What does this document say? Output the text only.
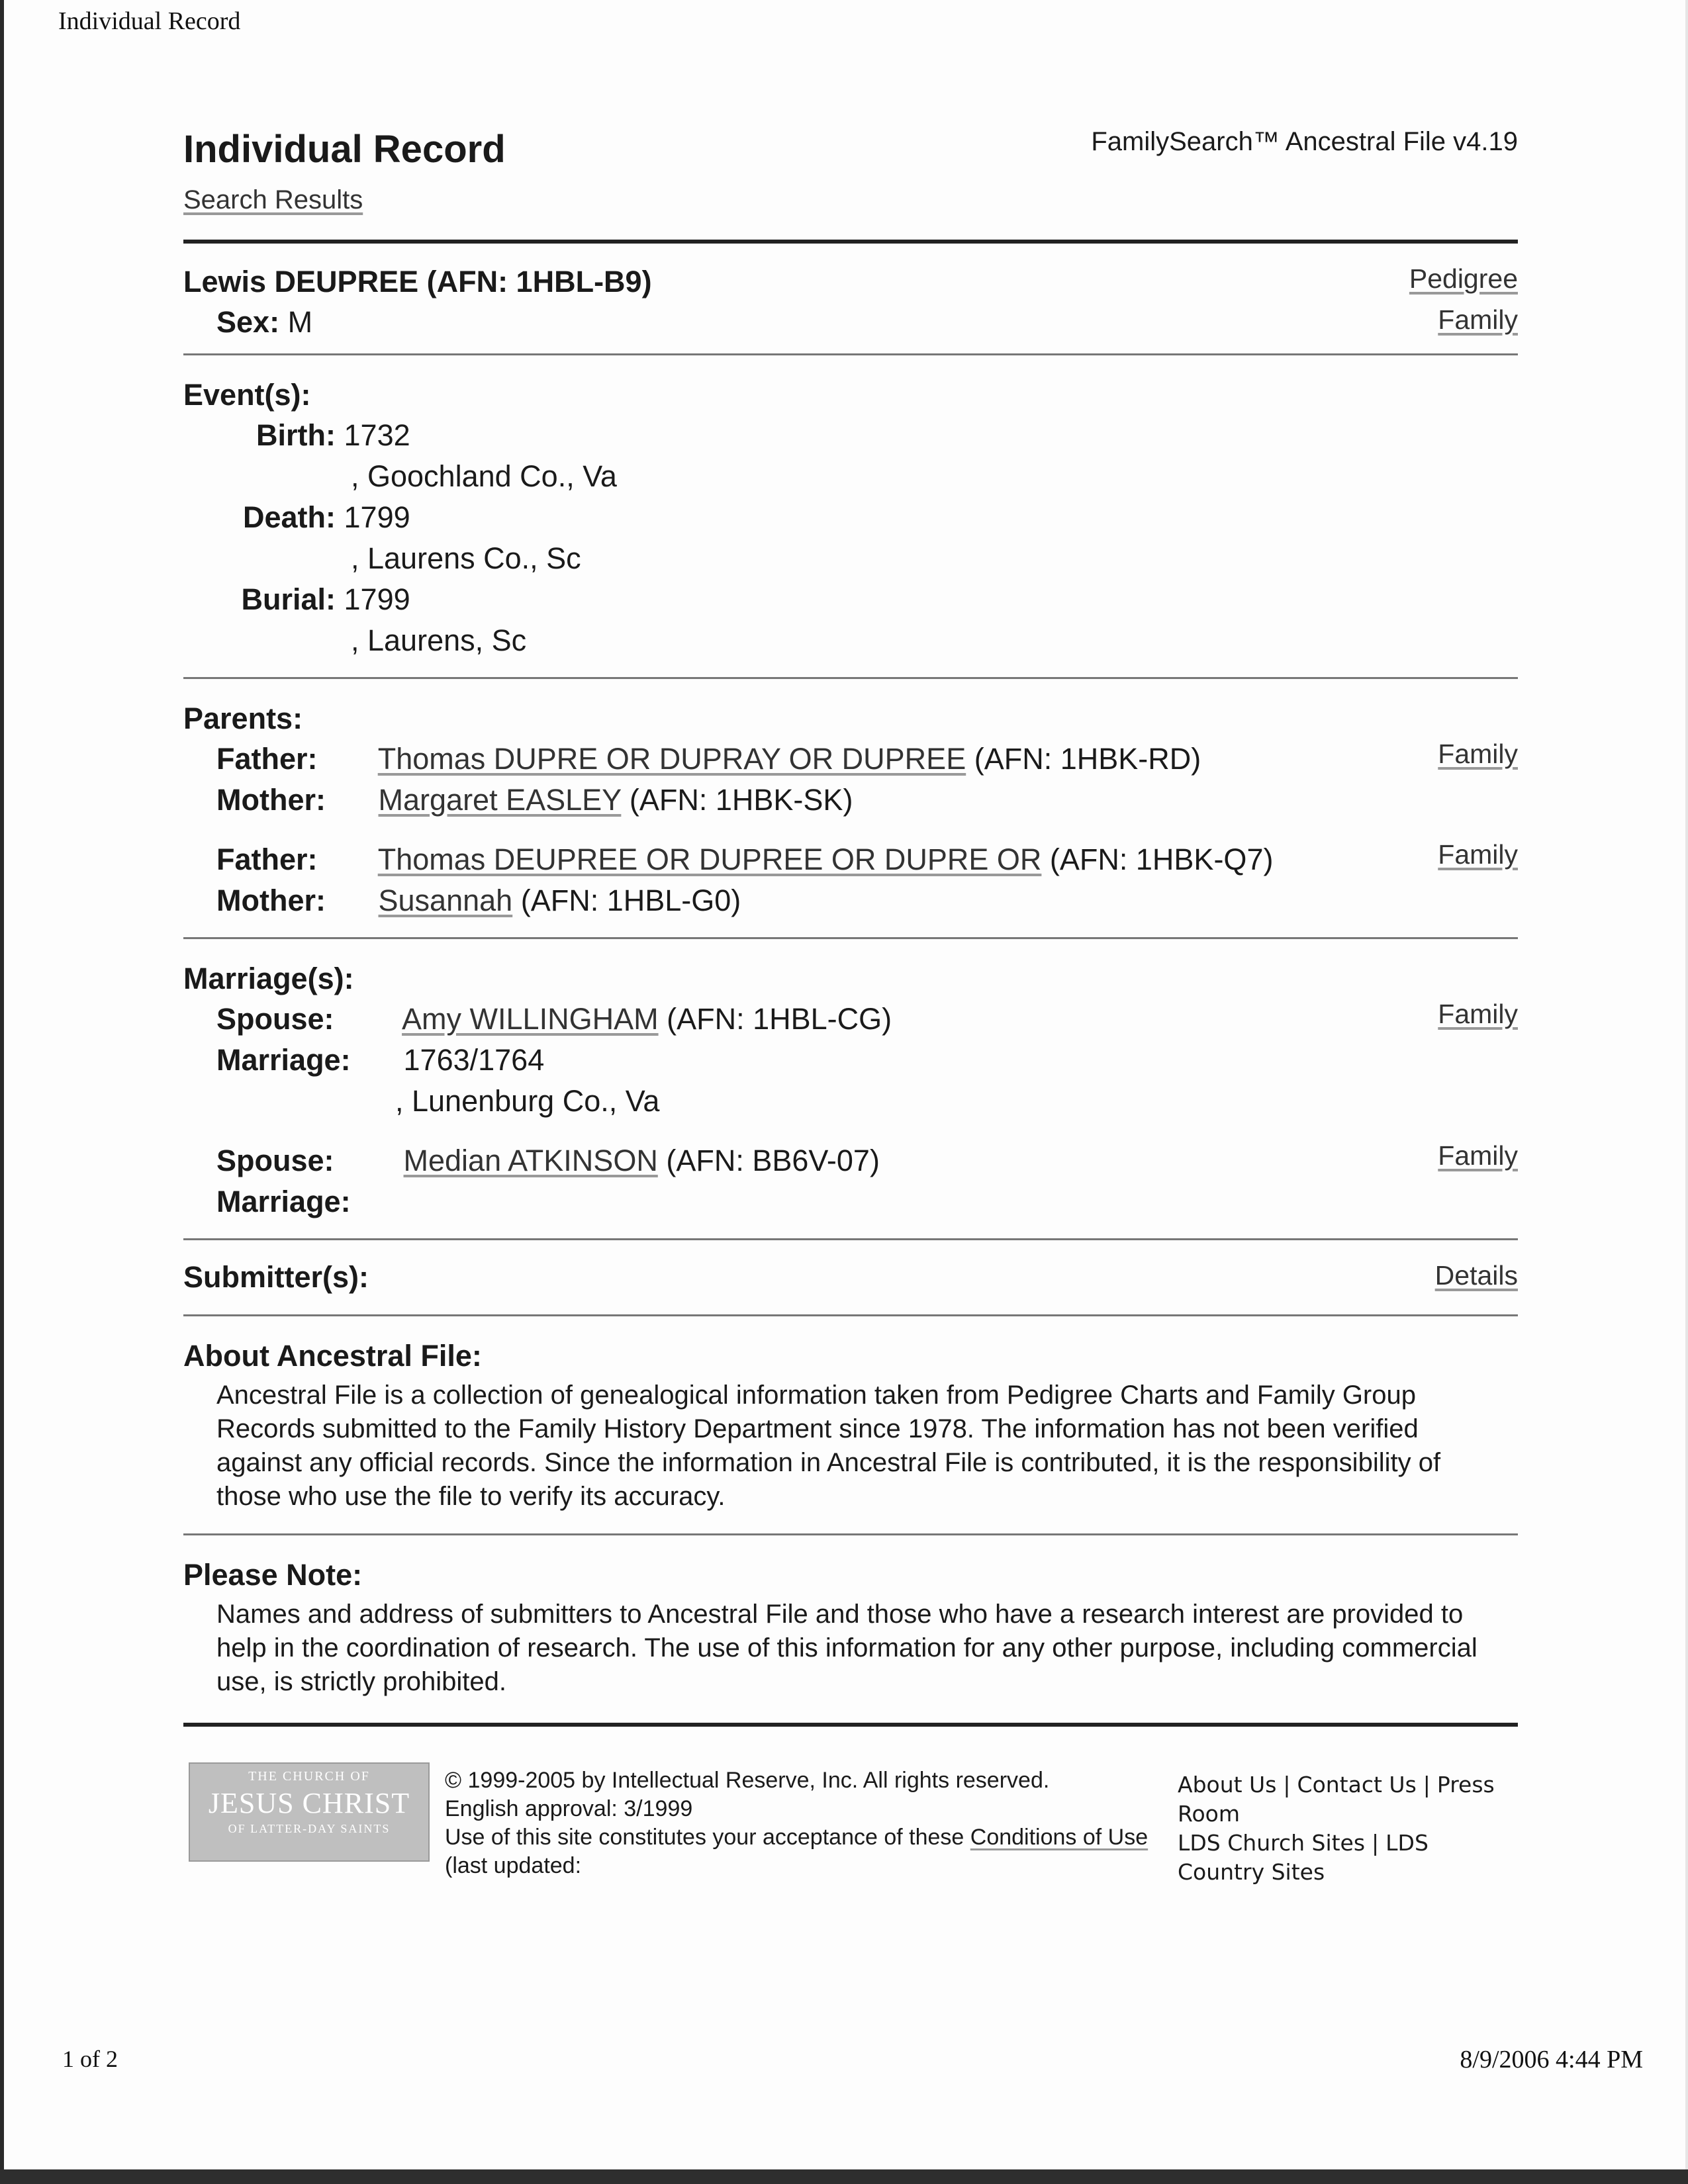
Individual Record
Individual Record	FamilySearch™ Ancestral File v4.19
Search Results
Lewis DEUPREE (AFN: 1HBL-B9)	Pedigree
Family
Sex: M
Event(s):
Birth: 1732
, Goochland Co., Va
Death: 1799
, Laurens Co., Sc
Burial: 1799
, Laurens, Sc
Parents:
Family
Father: Thomas DUPRE OR DUPRAY OR DUPREE (AFN: 1HBK-RD)
Mother: Margaret EASLEY (AFN: 1HBK-SK)
Family
Father: Thomas DEUPREE OR DUPREE OR DUPRE OR (AFN: 1HBK-Q7)
Mother: Susannah (AFN: 1HBL-G0)
Marriage(s):
Family
Spouse: Amy WILLINGHAM (AFN: 1HBL-CG)
Marriage: 1763/1764
, Lunenburg Co., Va
Family
Spouse: Median ATKINSON (AFN: BB6V-07)
Marriage:
Submitter(s):	Details
About Ancestral File:
Ancestral File is a collection of genealogical information taken from Pedigree Charts and Family Group Records submitted to the Family History Department since 1978. The information has not been verified against any official records. Since the information in Ancestral File is contributed, it is the responsibility of those who use the file to verify its accuracy.
Please Note:
Names and address of submitters to Ancestral File and those who have a research interest are provided to help in the coordination of research. The use of this information for any other purpose, including commercial use, is strictly prohibited.
THE CHURCH OF
JESUS CHRIST
OF LATTER-DAY SAINTS
© 1999-2005 by Intellectual Reserve, Inc. All rights reserved.
English approval: 3/1999
Use of this site constitutes your acceptance of these Conditions of Use (last updated:
About Us | Contact Us | Press Room
LDS Church Sites | LDS Country Sites
1 of 2	8/9/2006 4:44 PM
